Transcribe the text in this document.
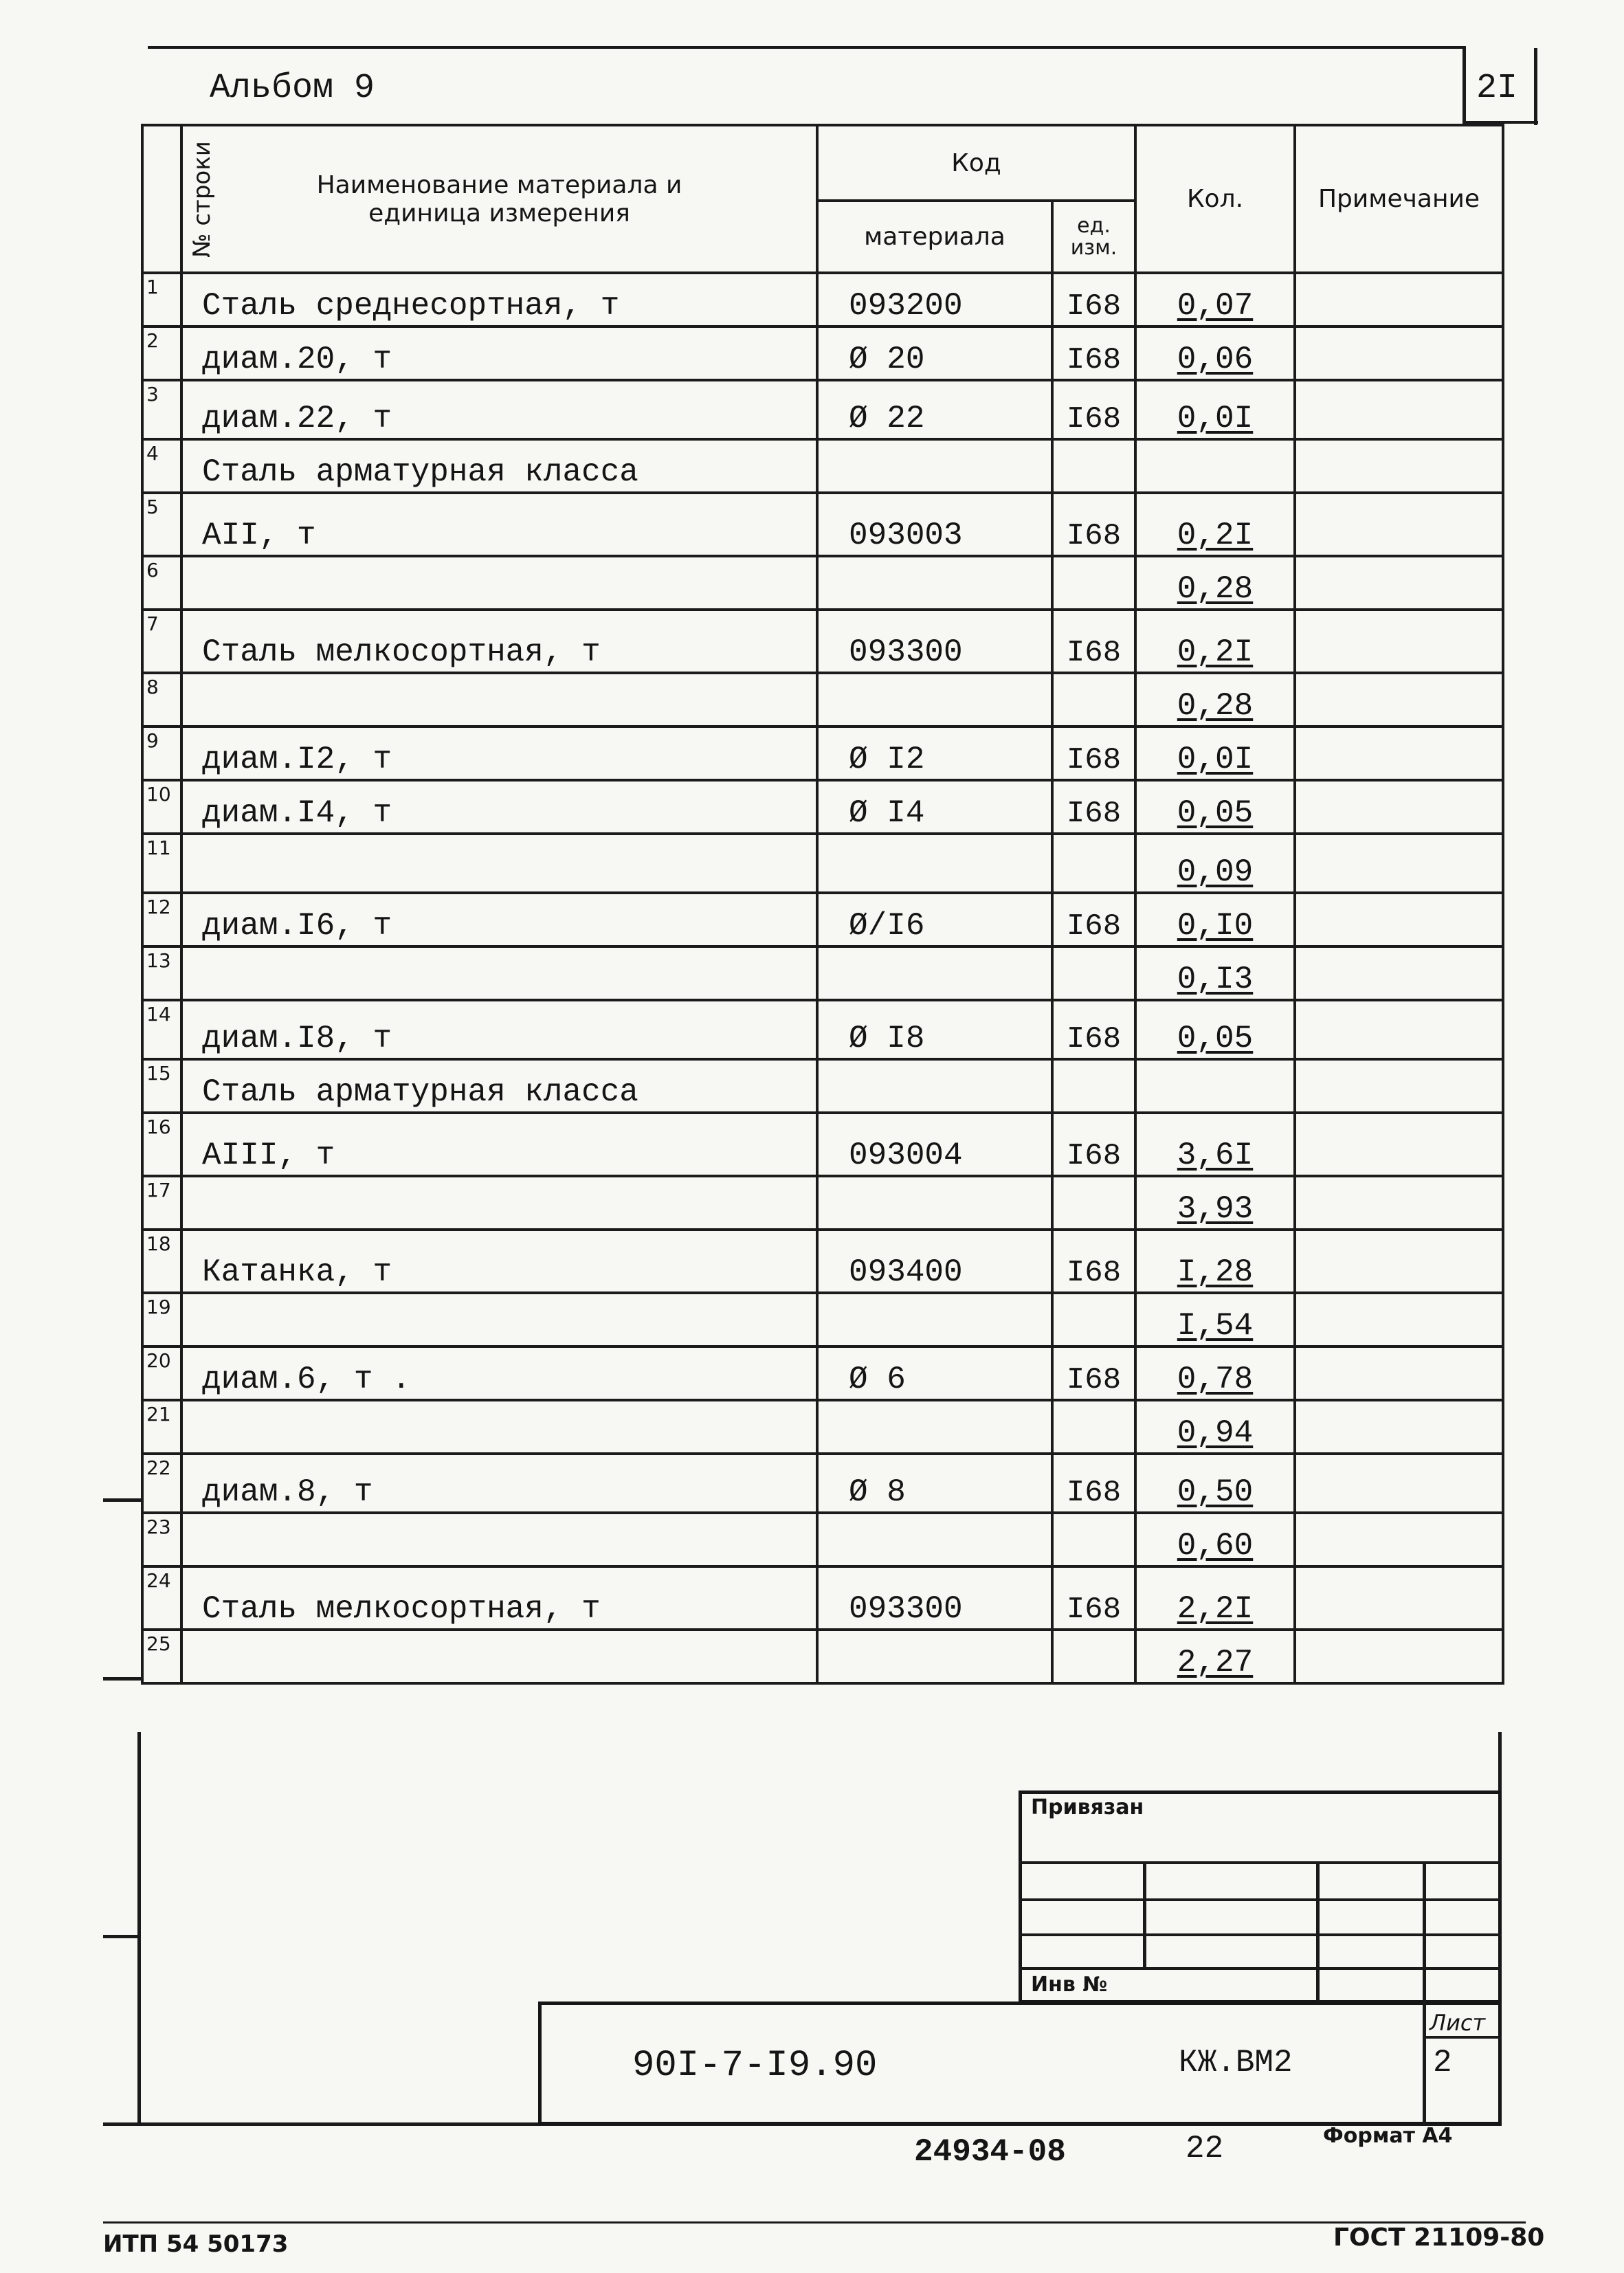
Альбом 9	2I
№ строки	Наименование материала и единица измерения	Код		Кол.	Примечание
		материала	ед. изм.		
1	Сталь среднесортная, т	093200	I68	0,07	
2	диам.20, т	Ø 20	I68	0,06	
3	диам.22, т	Ø 22	I68	0,0I	
4	Сталь арматурная класса				
5	АII, т	093003	I68	0,2I	
6				0,28	
7	Сталь мелкосортная, т	093300	I68	0,2I	
8				0,28	
9	диам.I2, т	Ø I2	I68	0,0I	
10	диам.I4, т	Ø I4	I68	0,05	
11				0,09	
12	диам.I6, т	Ø/I6	I68	0,I0	
13				0,I3	
14	диам.I8, т	Ø I8	I68	0,05	
15	Сталь арматурная класса				
16	АIII, т	093004	I68	3,6I	
17				3,93	
18	Катанка, т	093400	I68	I,28	
19				I,54	
20	диам.6, т .	Ø 6	I68	0,78	
21				0,94	
22	диам.8, т	Ø 8	I68	0,50	
23				0,60	
24	Сталь мелкосортная, т	093300	I68	2,2I	
25				2,27	
Привязан
Инв №
Лист
2
90I-7-I9.90	КЖ.ВМ2
24934-08	22	Формат А4
ИТП 54 50173	ГОСТ 21109-80
